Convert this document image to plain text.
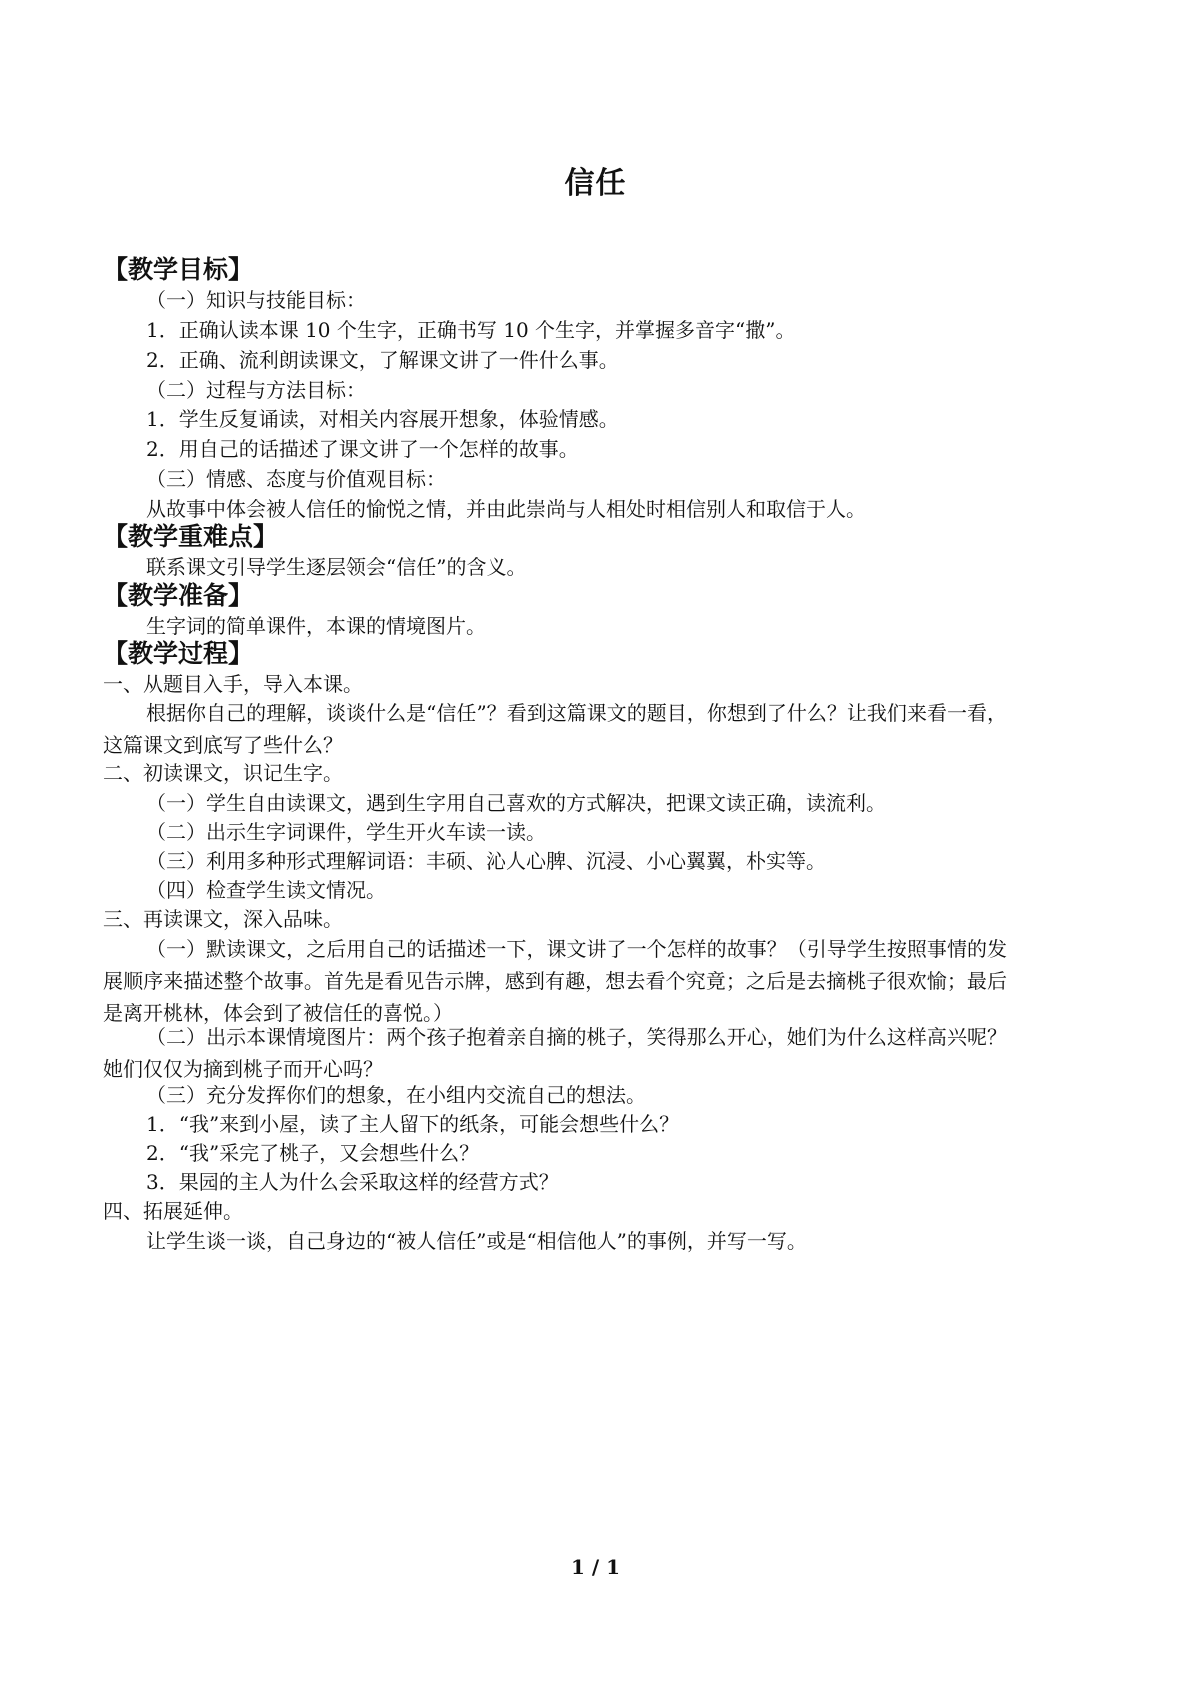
信任
【教学目标】
（一）知识与技能目标：
1．正确认读本课 10 个生字，正确书写 10 个生字，并掌握多音字“撒”。
2．正确、流利朗读课文，了解课文讲了一件什么事。
（二）过程与方法目标：
1．学生反复诵读，对相关内容展开想象，体验情感。
2．用自己的话描述了课文讲了一个怎样的故事。
（三）情感、态度与价值观目标：
从故事中体会被人信任的愉悦之情，并由此崇尚与人相处时相信别人和取信于人。
【教学重难点】
联系课文引导学生逐层领会“信任”的含义。
【教学准备】
生字词的简单课件，本课的情境图片。
【教学过程】
一、从题目入手，导入本课。
根据你自己的理解，谈谈什么是“信任”？看到这篇课文的题目，你想到了什么？让我们来看一看，这篇课文到底写了些什么？
二、初读课文，识记生字。
（一）学生自由读课文，遇到生字用自己喜欢的方式解决，把课文读正确，读流利。
（二）出示生字词课件，学生开火车读一读。
（三）利用多种形式理解词语：丰硕、沁人心脾、沉浸、小心翼翼，朴实等。
（四）检查学生读文情况。
三、再读课文，深入品味。
（一）默读课文，之后用自己的话描述一下，课文讲了一个怎样的故事？（引导学生按照事情的发展顺序来描述整个故事。首先是看见告示牌，感到有趣，想去看个究竟；之后是去摘桃子很欢愉；最后是离开桃林，体会到了被信任的喜悦。）
（二）出示本课情境图片：两个孩子抱着亲自摘的桃子，笑得那么开心，她们为什么这样高兴呢？她们仅仅为摘到桃子而开心吗？
（三）充分发挥你们的想象，在小组内交流自己的想法。
1．“我”来到小屋，读了主人留下的纸条，可能会想些什么？
2．“我”采完了桃子，又会想些什么？
3．果园的主人为什么会采取这样的经营方式？
四、拓展延伸。
让学生谈一谈，自己身边的“被人信任”或是“相信他人”的事例，并写一写。
1 / 1
